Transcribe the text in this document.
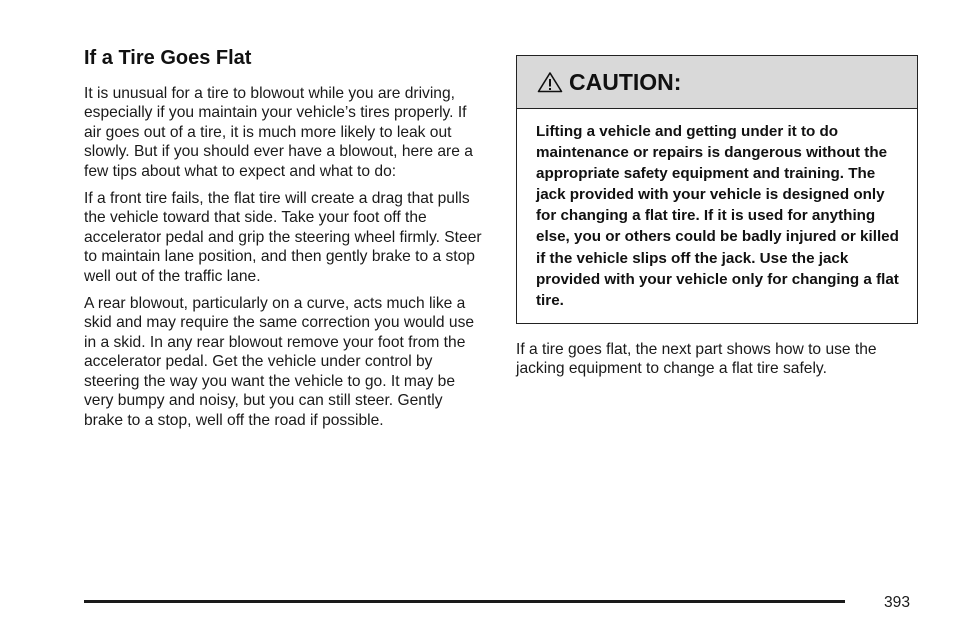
If a Tire Goes Flat

It is unusual for a tire to blowout while you are driving, especially if you maintain your vehicle’s tires properly. If air goes out of a tire, it is much more likely to leak out slowly. But if you should ever have a blowout, here are a few tips about what to expect and what to do:

If a front tire fails, the flat tire will create a drag that pulls the vehicle toward that side. Take your foot off the accelerator pedal and grip the steering wheel firmly. Steer to maintain lane position, and then gently brake to a stop well out of the traffic lane.

A rear blowout, particularly on a curve, acts much like a skid and may require the same correction you would use in a skid. In any rear blowout remove your foot from the accelerator pedal. Get the vehicle under control by steering the way you want the vehicle to go. It may be very bumpy and noisy, but you can still steer. Gently brake to a stop, well off the road if possible.

CAUTION:
Lifting a vehicle and getting under it to do maintenance or repairs is dangerous without the appropriate safety equipment and training. The jack provided with your vehicle is designed only for changing a flat tire. If it is used for anything else, you or others could be badly injured or killed if the vehicle slips off the jack. Use the jack provided with your vehicle only for changing a flat tire.

If a tire goes flat, the next part shows how to use the jacking equipment to change a flat tire safely.

393
